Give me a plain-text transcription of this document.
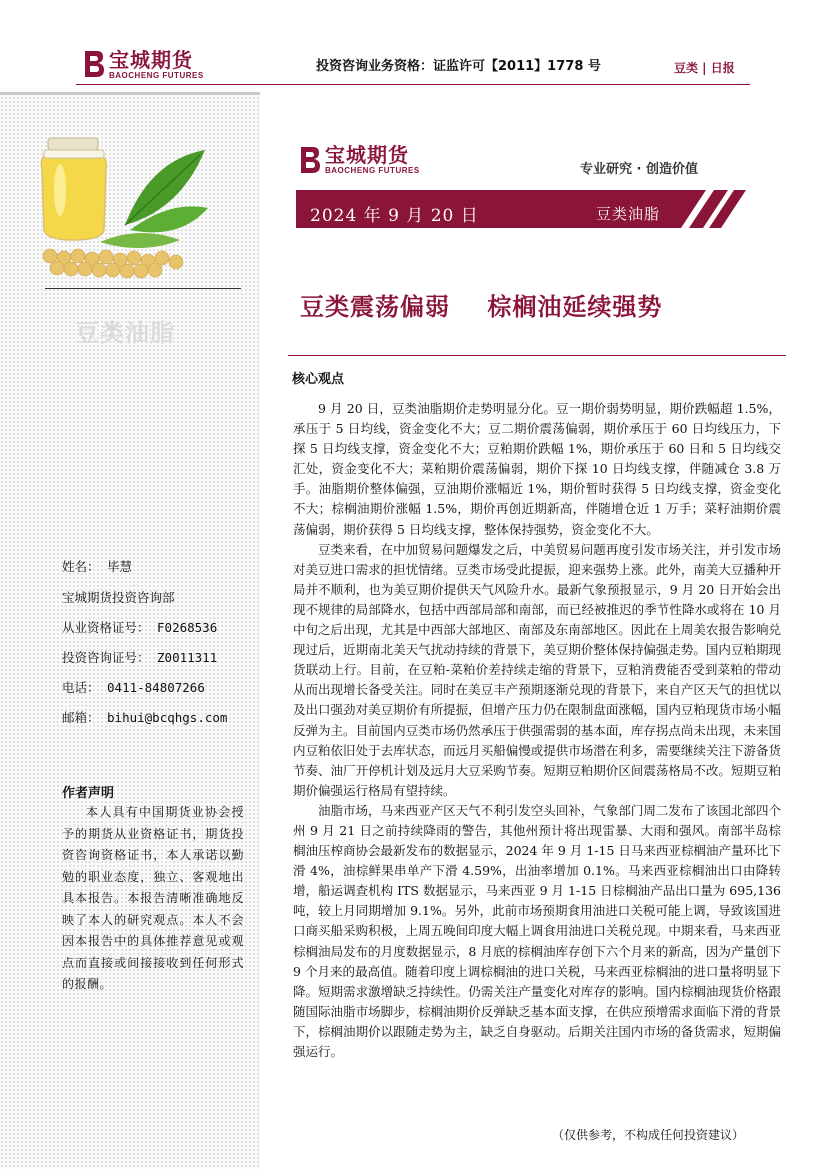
宝城期货
BAOCHENG FUTURES
投资咨询业务资格：证监许可【2011】1778 号	豆类 | 日报
豆类油脂
姓名： 毕慧
宝城期货投资咨询部
从业资格证号： F0268536
投资咨询证号： Z0011311
电话： 0411-84807266
邮箱： bihui@bcqhgs.com
作者声明
本人具有中国期货业协会授予的期货从业资格证书，期货投资咨询资格证书，本人承诺以勤勉的职业态度，独立、客观地出具本报告。本报告清晰准确地反映了本人的研究观点。本人不会因本报告中的具体推荐意见或观点而直接或间接接收到任何形式的报酬。
宝城期货
BAOCHENG FUTURES	专业研究 · 创造价值
2024 年 9 月 20 日	豆类油脂
豆类震荡偏弱 棕榈油延续强势
核心观点

9 月 20 日，豆类油脂期价走势明显分化。豆一期价弱势明显，期价跌幅超 1.5%，承压于 5 日均线，资金变化不大；豆二期价震荡偏弱，期价承压于 60 日均线压力，下探 5 日均线支撑，资金变化不大；豆粕期价跌幅 1%，期价承压于 60 日和 5 日均线交汇处，资金变化不大；菜粕期价震荡偏弱，期价下探 10 日均线支撑，伴随减仓 3.8 万手。油脂期价整体偏强，豆油期价涨幅近 1%，期价暂时获得 5 日均线支撑，资金变化不大；棕榈油期价涨幅 1.5%，期价再创近期新高，伴随增仓近 1 万手；菜籽油期价震荡偏弱，期价获得 5 日均线支撑，整体保持强势，资金变化不大。

豆类来看，在中加贸易问题爆发之后，中美贸易问题再度引发市场关注，并引发市场对美豆进口需求的担忧情绪。豆类市场受此提振，迎来强势上涨。此外，南美大豆播种开局并不顺利，也为美豆期价提供天气风险升水。最新气象预报显示，9 月 20 日开始会出现不规律的局部降水，包括中西部局部和南部，而已经被推迟的季节性降水或将在 10 月中旬之后出现，尤其是中西部大部地区、南部及东南部地区。因此在上周美农报告影响兑现过后，近期南北美天气扰动持续的背景下，美豆期价整体保持偏强走势。国内豆粕期现货联动上行。目前，在豆粕-菜粕价差持续走缩的背景下，豆粕消费能否受到菜粕的带动从而出现增长备受关注。同时在美豆丰产预期逐渐兑现的背景下，来自产区天气的担忧以及出口强劲对美豆期价有所提振，但增产压力仍在限制盘面涨幅，国内豆粕现货市场小幅反弹为主。目前国内豆类市场仍然承压于供强需弱的基本面，库存拐点尚未出现，未来国内豆粕依旧处于去库状态，而远月买船偏慢或提供市场潜在利多，需要继续关注下游备货节奏、油厂开停机计划及远月大豆采购节奏。短期豆粕期价区间震荡格局不改。短期豆粕期价偏强运行格局有望持续。

油脂市场，马来西亚产区天气不利引发空头回补，气象部门周二发布了该国北部四个州 9 月 21 日之前持续降雨的警告，其他州预计将出现雷暴、大雨和强风。南部半岛棕榈油压榨商协会最新发布的数据显示，2024 年 9 月 1-15 日马来西亚棕榈油产量环比下滑 4%，油棕鲜果串单产下滑 4.59%，出油率增加 0.1%。马来西亚棕榈油出口由降转增，船运调查机构 ITS 数据显示，马来西亚 9 月 1-15 日棕榈油产品出口量为 695,136 吨，较上月同期增加 9.1%。另外，此前市场预期食用油进口关税可能上调，导致该国进口商买船采购积极，上周五晚间印度大幅上调食用油进口关税兑现。中期来看，马来西亚棕榈油局发布的月度数据显示，8 月底的棕榈油库存创下六个月来的新高，因为产量创下 9 个月来的最高值。随着印度上调棕榈油的进口关税，马来西亚棕榈油的进口量将明显下降。短期需求激增缺乏持续性。仍需关注产量变化对库存的影响。国内棕榈油现货价格跟随国际油脂市场脚步，棕榈油期价反弹缺乏基本面支撑，在供应预增需求面临下滑的背景下，棕榈油期价以跟随走势为主，缺乏自身驱动。后期关注国内市场的备货需求，短期偏强运行。

（仅供参考，不构成任何投资建议）
